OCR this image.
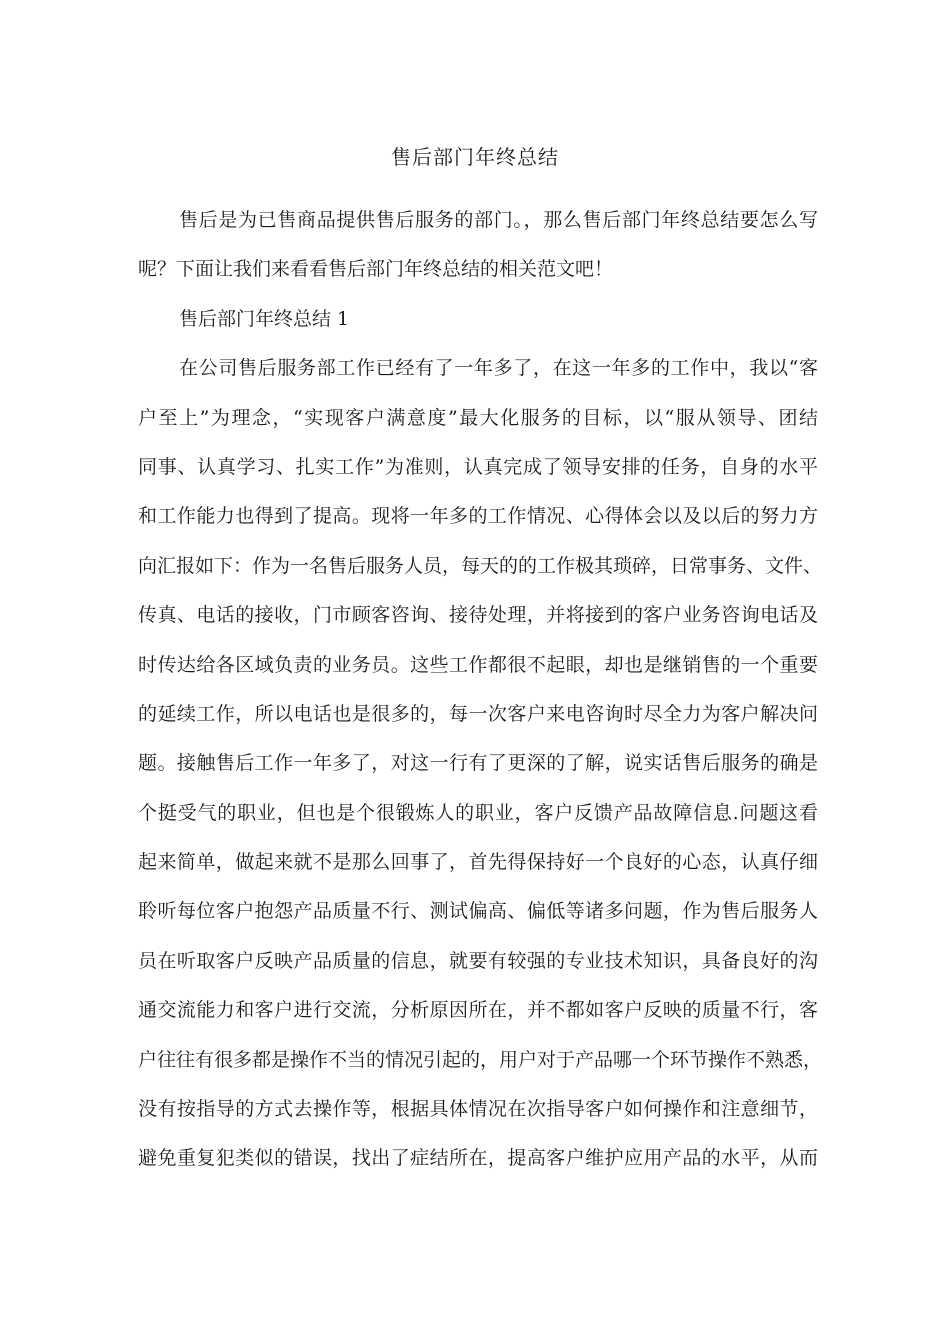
售后部门年终总结
售后是为已售商品提供售后服务的部门。，那么售后部门年终总结要怎么写
呢？下面让我们来看看售后部门年终总结的相关范文吧！
售后部门年终总结 1
在公司售后服务部工作已经有了一年多了，在这一年多的工作中，我以“客
户至上”为理念，“实现客户满意度”最大化服务的目标，以“服从领导、团结
同事、认真学习、扎实工作”为准则，认真完成了领导安排的任务，自身的水平
和工作能力也得到了提高。现将一年多的工作情况、心得体会以及以后的努力方
向汇报如下：作为一名售后服务人员，每天的的工作极其琐碎，日常事务、文件、
传真、电话的接收，门市顾客咨询、接待处理，并将接到的客户业务咨询电话及
时传达给各区域负责的业务员。这些工作都很不起眼，却也是继销售的一个重要
的延续工作，所以电话也是很多的，每一次客户来电咨询时尽全力为客户解决问
题。接触售后工作一年多了，对这一行有了更深的了解，说实话售后服务的确是
个挺受气的职业，但也是个很锻炼人的职业，客户反馈产品故障信息.问题这看
起来简单，做起来就不是那么回事了，首先得保持好一个良好的心态，认真仔细
聆听每位客户抱怨产品质量不行、测试偏高、偏低等诸多问题，作为售后服务人
员在听取客户反映产品质量的信息，就要有较强的专业技术知识，具备良好的沟
通交流能力和客户进行交流，分析原因所在，并不都如客户反映的质量不行，客
户往往有很多都是操作不当的情况引起的，用户对于产品哪一个环节操作不熟悉，
没有按指导的方式去操作等，根据具体情况在次指导客户如何操作和注意细节，
避免重复犯类似的错误，找出了症结所在，提高客户维护应用产品的水平，从而
